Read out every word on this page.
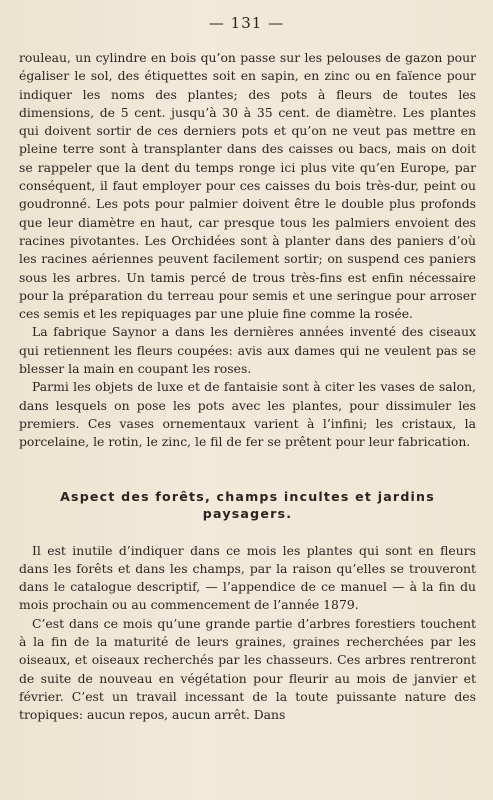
— 131 —

rouleau, un cylindre en bois qu’on passe sur les pelouses de gazon pour égaliser le sol, des étiquettes soit en sapin, en zinc ou en faïence pour indiquer les noms des plantes; des pots à fleurs de toutes les dimensions, de 5 cent. jusqu’à 30 à 35 cent. de diamètre. Les plantes qui doivent sortir de ces derniers pots et qu’on ne veut pas mettre en pleine terre sont à transplanter dans des caisses ou bacs, mais on doit se rappeler que la dent du temps ronge ici plus vite qu’en Europe, par conséquent, il faut employer pour ces caisses du bois très-dur, peint ou goudronné. Les pots pour palmier doivent être le double plus profonds que leur diamètre en haut, car presque tous les palmiers envoient des racines pivotantes. Les Orchidées sont à planter dans des paniers d’où les racines aériennes peuvent facilement sortir; on suspend ces paniers sous les arbres. Un tamis percé de trous très-fins est enfin nécessaire pour la préparation du terreau pour semis et une seringue pour arroser ces semis et les repiquages par une pluie fine comme la rosée.

La fabrique Saynor a dans les dernières années inventé des ciseaux qui retiennent les fleurs coupées: avis aux dames qui ne veulent pas se blesser la main en coupant les roses.

Parmi les objets de luxe et de fantaisie sont à citer les vases de salon, dans lesquels on pose les pots avec les plantes, pour dissimuler les premiers. Ces vases ornementaux varient à l’infini; les cristaux, la porcelaine, le rotin, le zinc, le fil de fer se prêtent pour leur fabrication.

Aspect des forêts, champs incultes et jardins paysagers.

Il est inutile d’indiquer dans ce mois les plantes qui sont en fleurs dans les forêts et dans les champs, par la raison qu’elles se trouveront dans le catalogue descriptif, — l’appendice de ce manuel — à la fin du mois prochain ou au commencement de l’année 1879.

C’est dans ce mois qu’une grande partie d’arbres forestiers touchent à la fin de la maturité de leurs graines, graines recherchées par les oiseaux, et oiseaux recherchés par les chasseurs. Ces arbres rentreront de suite de nouveau en végétation pour fleurir au mois de janvier et février. C’est un travail incessant de la toute puissante nature des tropiques: aucun repos, aucun arrêt. Dans
